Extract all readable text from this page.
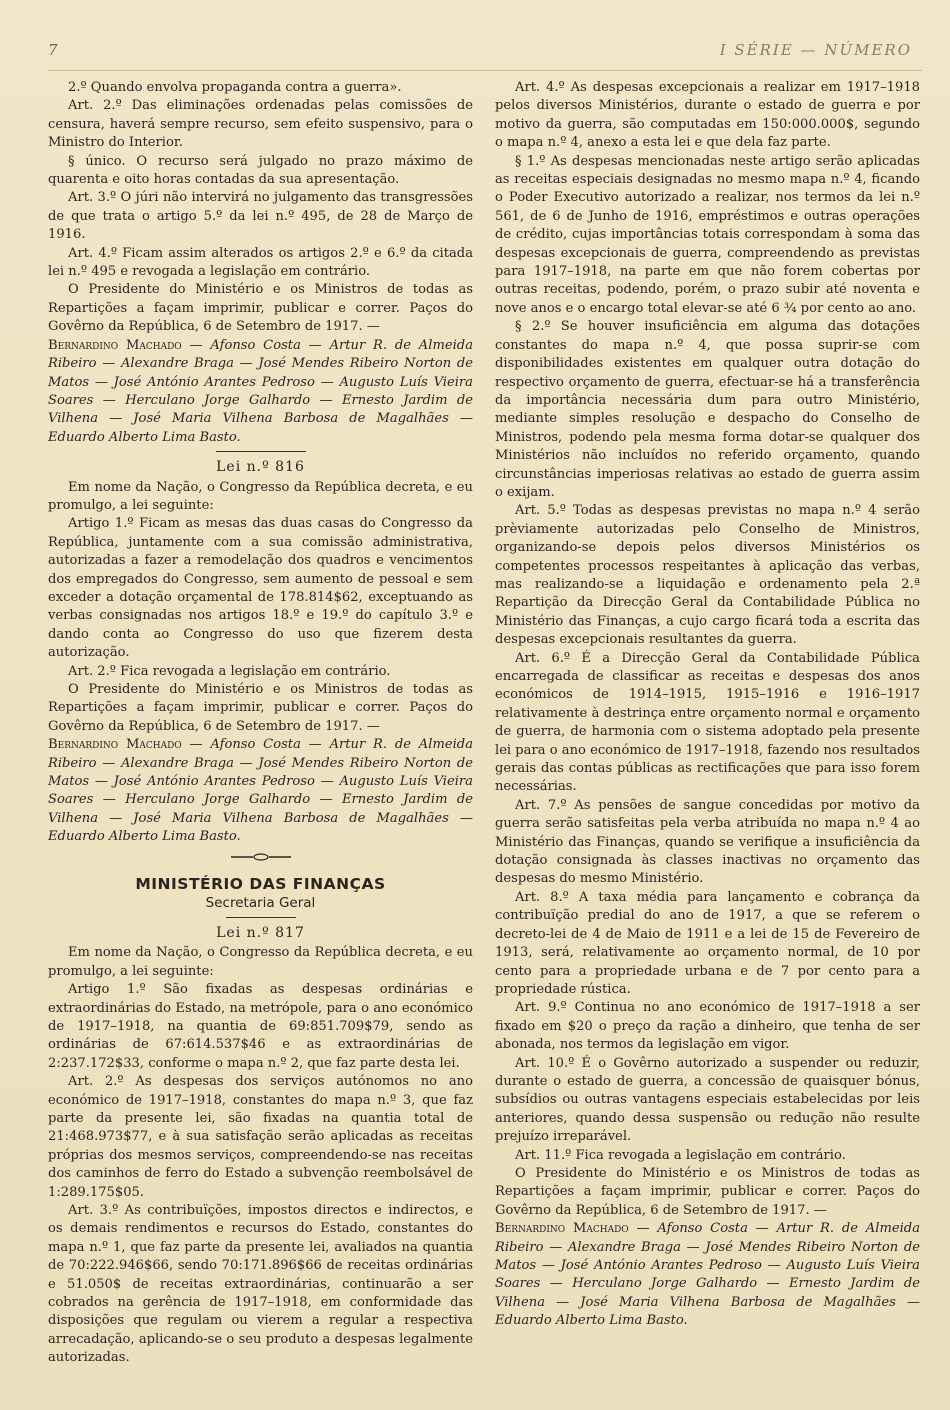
7	I SÉRIE — NÚMERO

2.º Quando envolva propaganda contra a guerra».

Art. 2.º Das eliminações ordenadas pelas comissões de censura, haverá sempre recurso, sem efeito suspensivo, para o Ministro do Interior.

§ único. O recurso será julgado no prazo máximo de quarenta e oito horas contadas da sua apresentação.

Art. 3.º O júri não intervirá no julgamento das transgressões de que trata o artigo 5.º da lei n.º 495, de 28 de Março de 1916.

Art. 4.º Ficam assim alterados os artigos 2.º e 6.º da citada lei n.º 495 e revogada a legislação em contrário.

O Presidente do Ministério e os Ministros de todas as Repartições a façam imprimir, publicar e correr. Paços do Govêrno da República, 6 de Setembro de 1917. —

Bernardino Machado — Afonso Costa — Artur R. de Almeida Ribeiro — Alexandre Braga — José Mendes Ribeiro Norton de Matos — José António Arantes Pedroso — Augusto Luís Vieira Soares — Herculano Jorge Galhardo — Ernesto Jardim de Vilhena — José Maria Vilhena Barbosa de Magalhães — Eduardo Alberto Lima Basto.

Lei n.º 816

Em nome da Nação, o Congresso da República decreta, e eu promulgo, a lei seguinte:

Artigo 1.º Ficam as mesas das duas casas do Congresso da República, juntamente com a sua comissão administrativa, autorizadas a fazer a remodelação dos quadros e vencimentos dos empregados do Congresso, sem aumento de pessoal e sem exceder a dotação orçamental de 178.814$62, exceptuando as verbas consignadas nos artigos 18.º e 19.º do capítulo 3.º e dando conta ao Congresso do uso que fizerem desta autorização.

Art. 2.º Fica revogada a legislação em contrário.

O Presidente do Ministério e os Ministros de todas as Repartições a façam imprimir, publicar e correr. Paços do Govêrno da República, 6 de Setembro de 1917. —

Bernardino Machado — Afonso Costa — Artur R. de Almeida Ribeiro — Alexandre Braga — José Mendes Ribeiro Norton de Matos — José António Arantes Pedroso — Augusto Luís Vieira Soares — Herculano Jorge Galhardo — Ernesto Jardim de Vilhena — José Maria Vilhena Barbosa de Magalhães — Eduardo Alberto Lima Basto.

MINISTÉRIO DAS FINANÇAS
Secretaria Geral
Lei n.º 817

Em nome da Nação, o Congresso da República decreta, e eu promulgo, a lei seguinte:

Artigo 1.º São fixadas as despesas ordinárias e extraordinárias do Estado, na metrópole, para o ano económico de 1917–1918, na quantia de 69:851.709$79, sendo as ordinárias de 67:614.537$46 e as extraordinárias de 2:237.172$33, conforme o mapa n.º 2, que faz parte desta lei.

Art. 2.º As despesas dos serviços autónomos no ano económico de 1917–1918, constantes do mapa n.º 3, que faz parte da presente lei, são fixadas na quantia total de 21:468.973$77, e à sua satisfação serão aplicadas as receitas próprias dos mesmos serviços, compreendendo-se nas receitas dos caminhos de ferro do Estado a subvenção reembolsável de 1:289.175$05.

Art. 3.º As contribuïções, impostos directos e indirectos, e os demais rendimentos e recursos do Estado, constantes do mapa n.º 1, que faz parte da presente lei, avaliados na quantia de 70:222.946$66, sendo 70:171.896$66 de receitas ordinárias e 51.050$ de receitas extraordinárias, continuarão a ser cobrados na gerência de 1917–1918, em conformidade das disposições que regulam ou vierem a regular a respectiva arrecadação, aplicando-se o seu produto a despesas legalmente autorizadas.

Art. 4.º As despesas excepcionais a realizar em 1917–1918 pelos diversos Ministérios, durante o estado de guerra e por motivo da guerra, são computadas em 150:000.000$, segundo o mapa n.º 4, anexo a esta lei e que dela faz parte.

§ 1.º As despesas mencionadas neste artigo serão aplicadas as receitas especiais designadas no mesmo mapa n.º 4, ficando o Poder Executivo autorizado a realizar, nos termos da lei n.º 561, de 6 de Junho de 1916, empréstimos e outras operações de crédito, cujas importâncias totais correspondam à soma das despesas excepcionais de guerra, compreendendo as previstas para 1917–1918, na parte em que não forem cobertas por outras receitas, podendo, porém, o prazo subir até noventa e nove anos e o encargo total elevar-se até 6 ¾ por cento ao ano.

§ 2.º Se houver insuficiência em alguma das dotações constantes do mapa n.º 4, que possa suprir-se com disponibilidades existentes em qualquer outra dotação do respectivo orçamento de guerra, efectuar-se há a transferência da importância necessária dum para outro Ministério, mediante simples resolução e despacho do Conselho de Ministros, podendo pela mesma forma dotar-se qualquer dos Ministérios não incluídos no referido orçamento, quando circunstâncias imperiosas relativas ao estado de guerra assim o exijam.

Art. 5.º Todas as despesas previstas no mapa n.º 4 serão prèviamente autorizadas pelo Conselho de Ministros, organizando-se depois pelos diversos Ministérios os competentes processos respeitantes à aplicação das verbas, mas realizando-se a liquidação e ordenamento pela 2.ª Repartição da Direcção Geral da Contabilidade Pública no Ministério das Finanças, a cujo cargo ficará toda a escrita das despesas excepcionais resultantes da guerra.

Art. 6.º É a Direcção Geral da Contabilidade Pública encarregada de classificar as receitas e despesas dos anos económicos de 1914–1915, 1915–1916 e 1916–1917 relativamente à destrinça entre orçamento normal e orçamento de guerra, de harmonia com o sistema adoptado pela presente lei para o ano económico de 1917–1918, fazendo nos resultados gerais das contas públicas as rectificações que para isso forem necessárias.

Art. 7.º As pensões de sangue concedidas por motivo da guerra serão satisfeitas pela verba atribuída no mapa n.º 4 ao Ministério das Finanças, quando se verifique a insuficiência da dotação consignada às classes inactivas no orçamento das despesas do mesmo Ministério.

Art. 8.º A taxa média para lançamento e cobrança da contribuïção predial do ano de 1917, a que se referem o decreto-lei de 4 de Maio de 1911 e a lei de 15 de Fevereiro de 1913, será, relativamente ao orçamento normal, de 10 por cento para a propriedade urbana e de 7 por cento para a propriedade rústica.

Art. 9.º Continua no ano económico de 1917–1918 a ser fixado em $20 o preço da ração a dinheiro, que tenha de ser abonada, nos termos da legislação em vigor.

Art. 10.º É o Govêrno autorizado a suspender ou reduzir, durante o estado de guerra, a concessão de quaisquer bónus, subsídios ou outras vantagens especiais estabelecidas por leis anteriores, quando dessa suspensão ou redução não resulte prejuízo irreparável.

Art. 11.º Fica revogada a legislação em contrário.

O Presidente do Ministério e os Ministros de todas as Repartições a façam imprimir, publicar e correr. Paços do Govêrno da República, 6 de Setembro de 1917. —

Bernardino Machado — Afonso Costa — Artur R. de Almeida Ribeiro — Alexandre Braga — José Mendes Ribeiro Norton de Matos — José António Arantes Pedroso — Augusto Luís Vieira Soares — Herculano Jorge Galhardo — Ernesto Jardim de Vilhena — José Maria Vilhena Barbosa de Magalhães — Eduardo Alberto Lima Basto.
